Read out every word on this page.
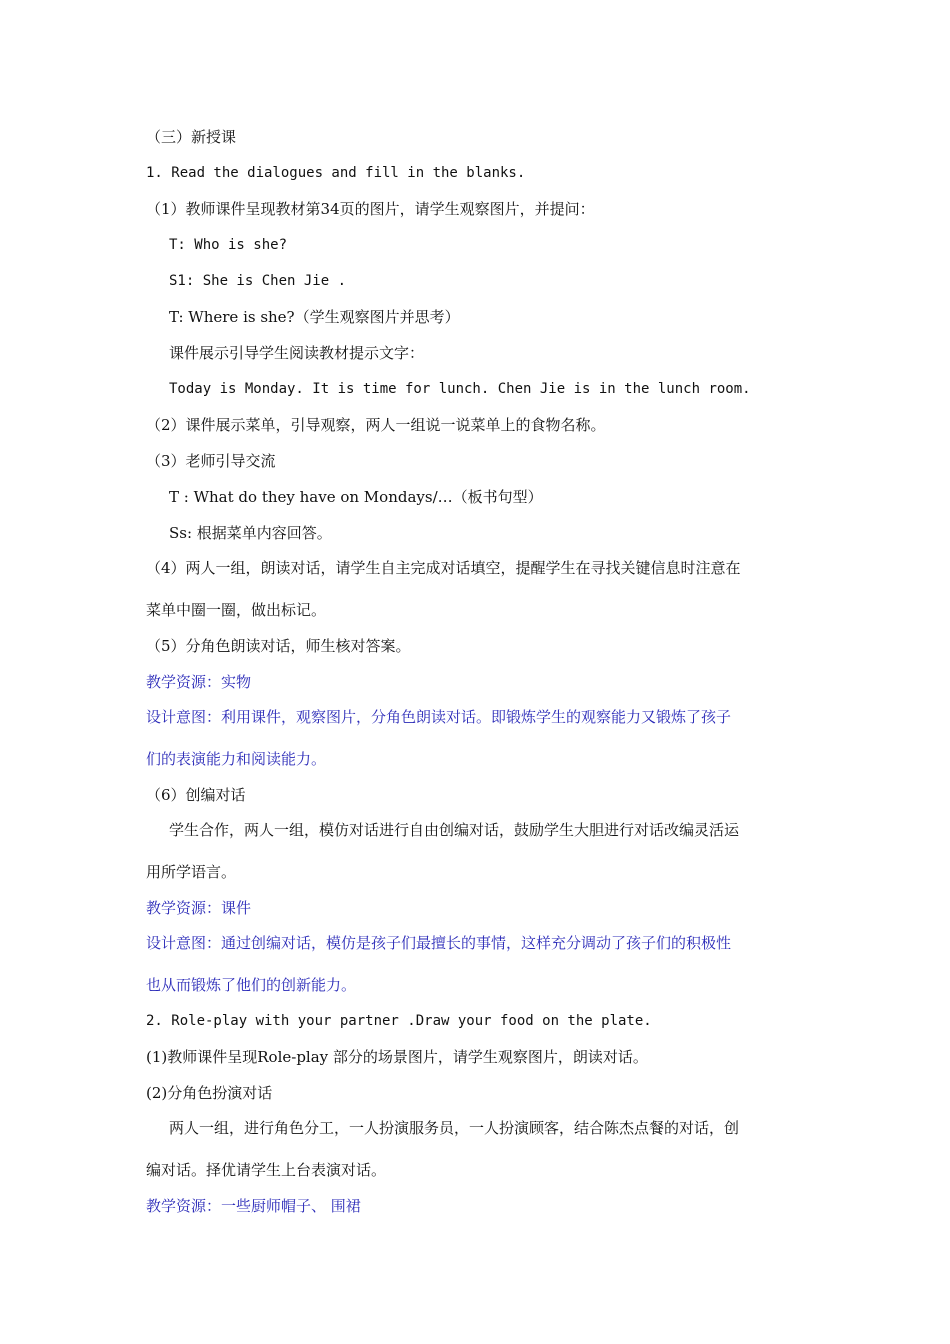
（三）新授课
1. Read the dialogues and fill in the blanks.
（1）教师课件呈现教材第34页的图片，请学生观察图片，并提问：
T: Who is she?
S1: She is Chen Jie .
T: Where is she?（学生观察图片并思考）
课件展示引导学生阅读教材提示文字：
Today is Monday. It is time for lunch. Chen Jie is in the lunch room.
（2）课件展示菜单，引导观察，两人一组说一说菜单上的食物名称。
（3）老师引导交流
T : What do they have on Mondays/…（板书句型）
Ss: 根据菜单内容回答。
（4）两人一组，朗读对话，请学生自主完成对话填空，提醒学生在寻找关键信息时注意在
菜单中圈一圈，做出标记。
（5）分角色朗读对话，师生核对答案。
教学资源：实物
设计意图：利用课件，观察图片，分角色朗读对话。即锻炼学生的观察能力又锻炼了孩子
们的表演能力和阅读能力。
（6）创编对话
学生合作，两人一组，模仿对话进行自由创编对话，鼓励学生大胆进行对话改编灵活运
用所学语言。
教学资源：课件
设计意图：通过创编对话，模仿是孩子们最擅长的事情，这样充分调动了孩子们的积极性
也从而锻炼了他们的创新能力。
2. Role-play with your partner .Draw your food on the plate.
(1)教师课件呈现Role-play 部分的场景图片，请学生观察图片，朗读对话。
(2)分角色扮演对话
两人一组，进行角色分工，一人扮演服务员，一人扮演顾客，结合陈杰点餐的对话，创
编对话。择优请学生上台表演对话。
教学资源：一些厨师帽子、 围裙
